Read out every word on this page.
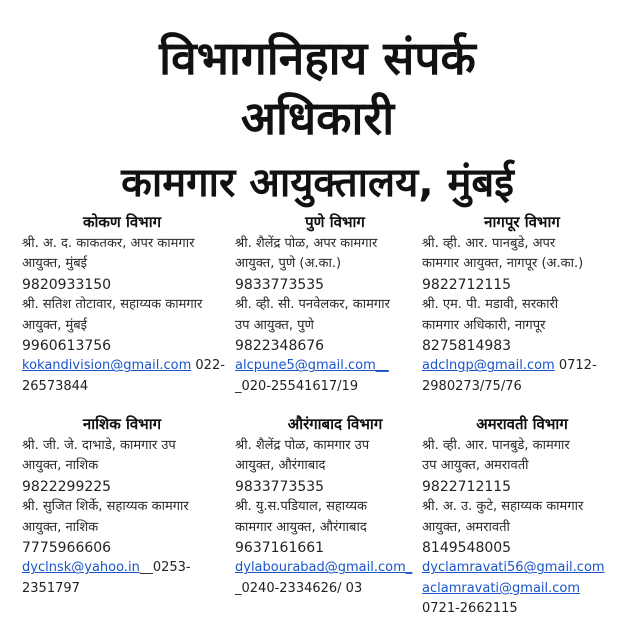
विभागनिहाय संपर्क
अधिकारी
कामगार आयुक्तालय, मुंबई
कोकण विभाग
श्री. अ. द. काकतकर, अपर कामगार
आयुक्त, मुंबई
9820933150
श्री. सतिश तोटावार, सहाय्यक कामगार
आयुक्त, मुंबई
9960613756
kokandivision@gmail.com 022-
26573844
पुणे विभाग
श्री. शैलेंद्र पोळ, अपर कामगार
आयुक्त, पुणे (अ.का.)
9833773535
श्री. व्ही. सी. पनवेलकर, कामगार
उप आयुक्त, पुणे
9822348676
alcpune5@gmail.com__
_020-25541617/19
नागपूर विभाग
श्री. व्ही. आर. पानबुडे, अपर
कामगार आयुक्त, नागपूर (अ.का.)
9822712115
श्री. एम. पी. मडावी, सरकारी
कामगार अधिकारी, नागपूर
8275814983
adclngp@gmail.com 0712-
2980273/75/76
नाशिक विभाग
श्री. जी. जे. दाभाडे, कामगार उप
आयुक्त, नाशिक
9822299225
श्री. सुजित शिर्के, सहाय्यक कामगार
आयुक्त, नाशिक
7775966606
dyclnsk@yahoo.in__0253-
2351797
औरंगाबाद विभाग
श्री. शैलेंद्र पोळ, कामगार उप
आयुक्त, औरंगाबाद
9833773535
श्री. यु.स.पडियाल, सहाय्यक
कामगार आयुक्त, औरंगाबाद
9637161661
dylabourabad@gmail.com_
_0240-2334626/ 03
अमरावती विभाग
श्री. व्ही. आर. पानबुडे, कामगार
उप आयुक्त, अमरावती
9822712115
श्री. अ. उ. कुटे, सहाय्यक कामगार
आयुक्त, अमरावती
8149548005
dyclamravati56@gmail.com
aclamravati@gmail.com
0721-2662115
